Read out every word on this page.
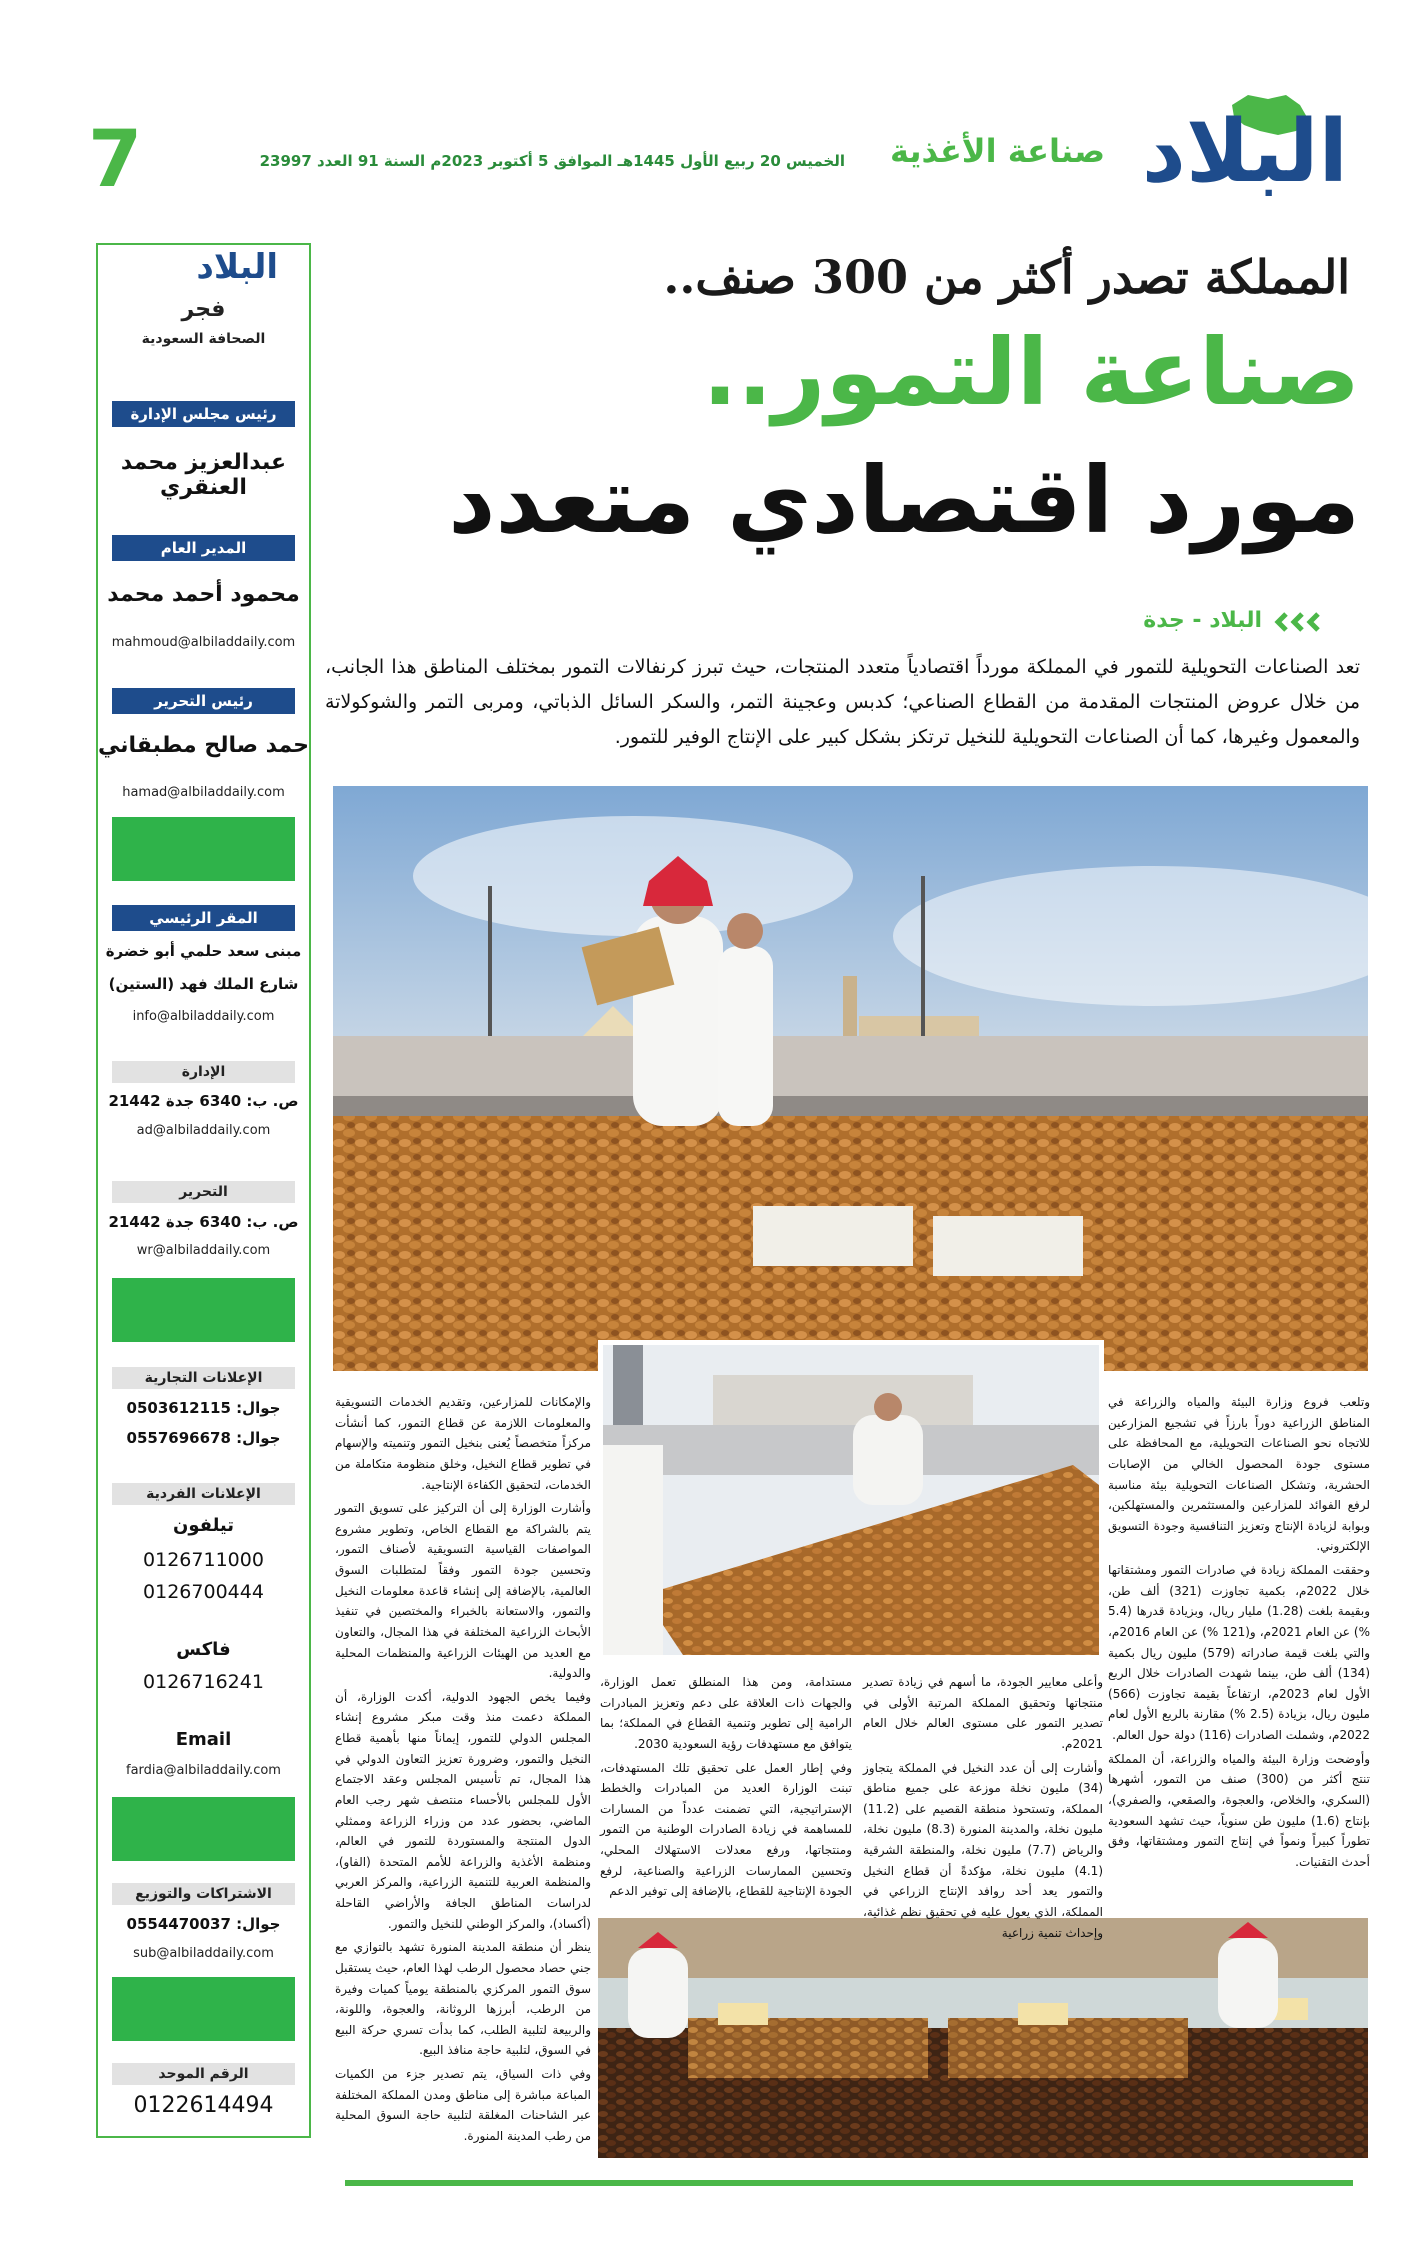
7	الخميس 20 ربيع الأول 1445هـ الموافق 5 أكتوبر 2023م السنة 91 العدد 23997 صناعة الأغذية البلاد
المملكة تصدر أكثر من 300 صنف..
صناعة التمور..
مورد اقتصادي متعدد
البلاد - جدة
تعد الصناعات التحويلية للتمور في المملكة مورداً اقتصادياً متعدد المنتجات، حيث تبرز كرنفالات التمور بمختلف المناطق هذا الجانب، من خلال عروض المنتجات المقدمة من القطاع الصناعي؛ كدبس وعجينة التمر، والسكر السائل الذباتي، ومربى التمر والشوكولاتة والمعمول وغيرها، كما أن الصناعات التحويلية للنخيل ترتكز بشكل كبير على الإنتاج الوفير للتمور.

وتلعب فروع وزارة البيئة والمياه والزراعة في المناطق الزراعية دوراً بارزاً في تشجيع المزارعين للاتجاه نحو الصناعات التحويلية، مع المحافظة على مستوى جودة المحصول الخالي من الإصابات الحشرية، وتشكل الصناعات التحويلية بيئة مناسبة لرفع الفوائد للمزارعين والمستثمرين والمستهلكين، وبوابة لزيادة الإنتاج وتعزيز التنافسية وجودة التسويق الإلكتروني.

وحققت المملكة زيادة في صادرات التمور ومشتقاتها خلال 2022م، بكمية تجاوزت (321) ألف طن، وبقيمة بلغت (1.28) مليار ريال، وبزيادة قدرها (5.4 %) عن العام 2021م، و(121 %) عن العام 2016م، والتي بلغت قيمة صادراته (579) مليون ريال بكمية (134) ألف طن، بينما شهدت الصادرات خلال الربع الأول لعام 2023م، ارتفاعاً بقيمة تجاوزت (566) مليون ريال، بزيادة (2.5 %) مقارنة بالربع الأول لعام 2022م، وشملت الصادرات (116) دولة حول العالم.

وأوضحت وزارة البيئة والمياه والزراعة، أن المملكة تنتج أكثر من (300) صنف من التمور، أشهرها (السكري، والخلاص، والعجوة، والصقعي، والصفري)، بإنتاج (1.6) مليون طن سنوياً، حيث تشهد السعودية تطوراً كبيراً ونمواً في إنتاج التمور ومشتقاتها، وفق أحدث التقنيات.

والإمكانات للمزارعين، وتقديم الخدمات التسويقية والمعلومات اللازمة عن قطاع التمور، كما أنشأت مركزاً متخصصاً يُعنى بنخيل التمور وتنميته والإسهام في تطوير قطاع النخيل، وخلق منظومة متكاملة من الخدمات، لتحقيق الكفاءة الإنتاجية.

وأشارت الوزارة إلى أن التركيز على تسويق التمور يتم بالشراكة مع القطاع الخاص، وتطوير مشروع المواصفات القياسية التسويقية لأصناف التمور، وتحسين جودة التمور وفقاً لمتطلبات السوق العالمية، بالإضافة إلى إنشاء قاعدة معلومات النخيل والتمور، والاستعانة بالخبراء والمختصين في تنفيذ الأبحاث الزراعية المختلفة في هذا المجال، والتعاون مع العديد من الهيئات الزراعية والمنظمات المحلية والدولية.

وفيما يخص الجهود الدولية، أكدت الوزارة، أن المملكة دعمت منذ وقت مبكر مشروع إنشاء المجلس الدولي للتمور، إيماناً منها بأهمية قطاع النخيل والتمور، وضرورة تعزيز التعاون الدولي في هذا المجال، تم تأسيس المجلس وعقد الاجتماع الأول للمجلس بالأحساء منتصف شهر رجب العام الماضي، بحضور عدد من وزراء الزراعة وممثلي الدول المنتجة والمستوردة للتمور في العالم، ومنظمة الأغذية والزراعة للأمم المتحدة (الفاو)، والمنظمة العربية للتنمية الزراعية، والمركز العربي لدراسات المناطق الجافة والأراضي القاحلة (أكساد)، والمركز الوطني للنخيل والتمور.

ينظر أن منطقة المدينة المنورة تشهد بالتوازي مع جني حصاد محصول الرطب لهذا العام، حيث يستقبل سوق التمور المركزي بالمنطقة يومياً كميات وفيرة من الرطب، أبرزها الروثانة، والعجوة، واللونة، والربيعة لتلبية الطلب، كما بدأت تسري حركة البيع في السوق، لتلبية حاجة منافذ البيع.

وفي ذات السياق، يتم تصدير جزء من الكميات المباعة مباشرة إلى مناطق ومدن المملكة المختلفة عبر الشاحنات المغلقة لتلبية حاجة السوق المحلية من رطب المدينة المنورة.

وأعلى معايير الجودة، ما أسهم في زيادة تصدير منتجاتها وتحقيق المملكة المرتبة الأولى في تصدير التمور على مستوى العالم خلال العام 2021م.

وأشارت إلى أن عدد النخيل في المملكة يتجاوز (34) مليون نخلة موزعة على جميع مناطق المملكة، وتستحوذ منطقة القصيم على (11.2) مليون نخلة، والمدينة المنورة (8.3) مليون نخلة، والرياض (7.7) مليون نخلة، والمنطقة الشرقية (4.1) مليون نخلة، مؤكدةً أن قطاع النخيل والتمور يعد أحد روافد الإنتاج الزراعي في المملكة، الذي يعول عليه في تحقيق نظم غذائية، وإحداث تنمية زراعية

مستدامة، ومن هذا المنطلق تعمل الوزارة، والجهات ذات العلاقة على دعم وتعزيز المبادرات الرامية إلى تطوير وتنمية القطاع في المملكة؛ بما يتوافق مع مستهدفات رؤية السعودية 2030.

وفي إطار العمل على تحقيق تلك المستهدفات، تبنت الوزارة العديد من المبادرات والخطط الإستراتيجية، التي تضمنت عدداً من المسارات للمساهمة في زيادة الصادرات الوطنية من التمور ومنتجاتها، ورفع معدلات الاستهلاك المحلي، وتحسين الممارسات الزراعية والصناعية، لرفع الجودة الإنتاجية للقطاع، بالإضافة إلى توفير الدعم

البلاد
فجر
الصحافة السعودية
رئيس مجلس الإدارة
عبدالعزيز محمد العنقري
المدير العام
محمود أحمد محمد
mahmoud@albiladdaily.com
رئيس التحرير
حمد صالح مطبقاني
hamad@albiladdaily.com
المقر الرئيسي
مبنى سعد حلمي أبو خضرة
شارع الملك فهد (الستين)
info@albiladdaily.com
الإدارة
ص. ب: 6340 جدة 21442
ad@albiladdaily.com
التحرير
ص. ب: 6340 جدة 21442
wr@albiladdaily.com
الإعلانات التجارية
جوال: 0503612115
جوال: 0557696678
الإعلانات الفردية
تيلفون
0126711000
0126700444
فاكس
0126716241
Email
fardia@albiladdaily.com
الاشتراكات والتوزيع
جوال: 0554470037
sub@albiladdaily.com
الرقم الموحد
0122614494
